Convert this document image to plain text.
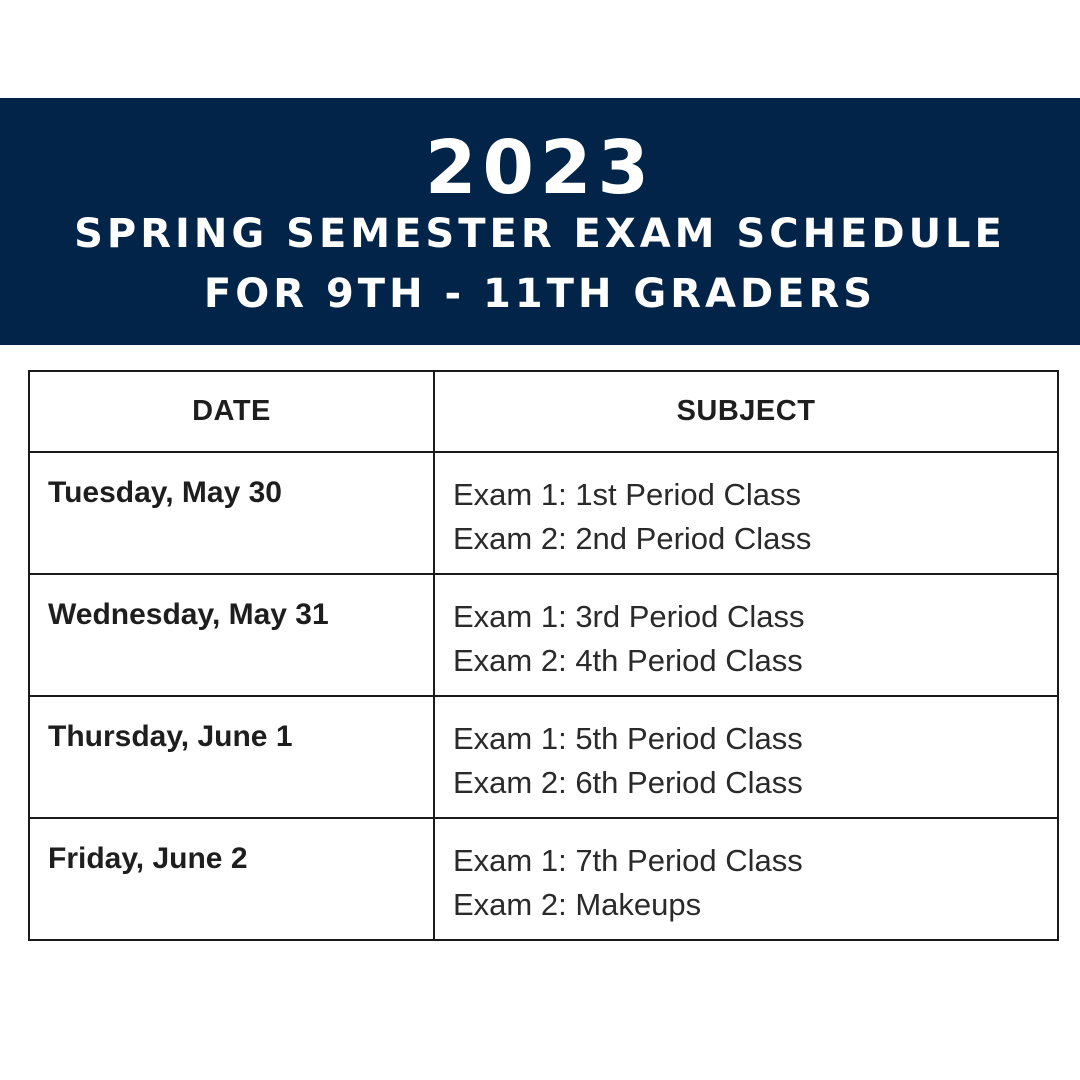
2023
SPRING SEMESTER EXAM SCHEDULE
FOR 9TH - 11TH GRADERS
DATE	SUBJECT
Tuesday, May 30	Exam 1: 1st Period Class
Exam 2: 2nd Period Class

Wednesday, May 31	Exam 1: 3rd Period Class
Exam 2: 4th Period Class

Thursday, June 1	Exam 1: 5th Period Class
Exam 2: 6th Period Class

Friday, June 2	Exam 1: 7th Period Class
Exam 2: Makeups
